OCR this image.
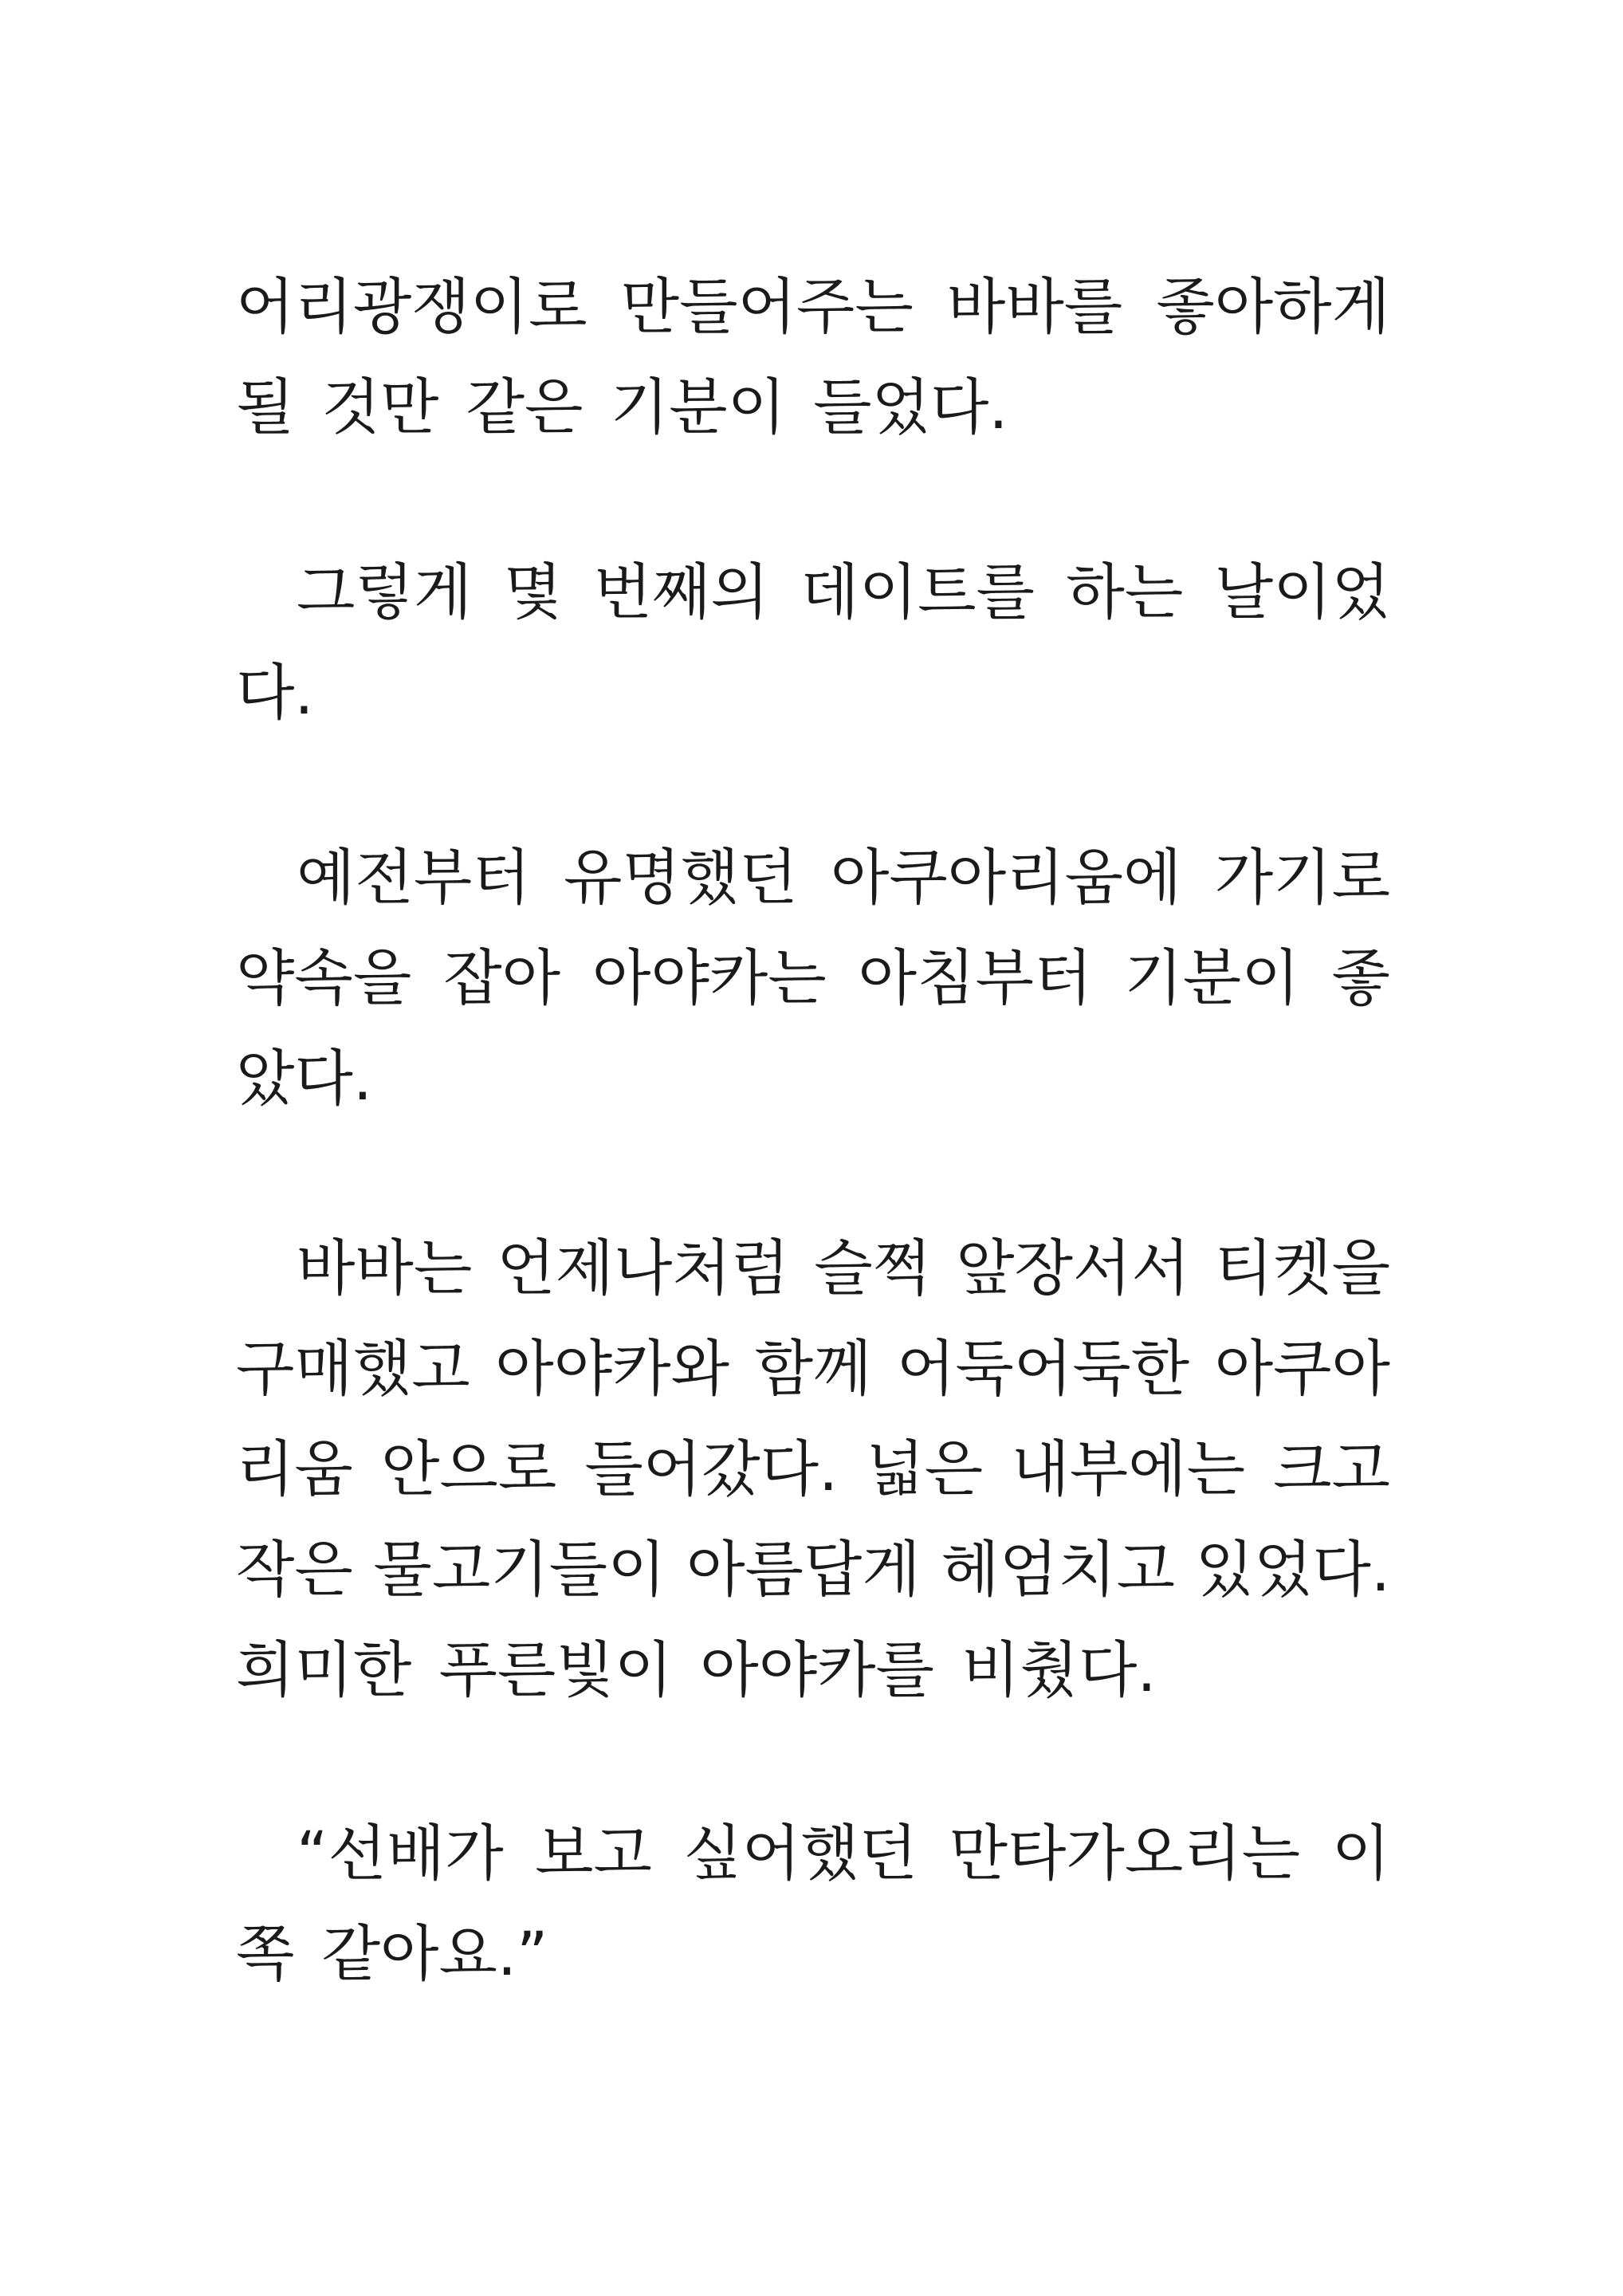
어리광쟁이로 만들어주는 바바를 좋아하게
될 것만 같은 기분이 들었다.
그렇게 몇 번째의 데이트를 하는 날이었
다.
예전부터 유명했던 아쿠아리움에 가기로
약속을 잡아 아야카는 아침부터 기분이 좋
았다.
바바는 언제나처럼 슬쩍 앞장서서 티켓을
구매했고 아야카와 함께 어둑어둑한 아쿠아
리움 안으로 들어갔다. 넓은 내부에는 크고
작은 물고기들이 아름답게 헤엄치고 있었다.
희미한 푸른빛이 아야카를 비췄다.
“선배가 보고 싶어했던 만타가오리는 이
쪽 같아요.”
